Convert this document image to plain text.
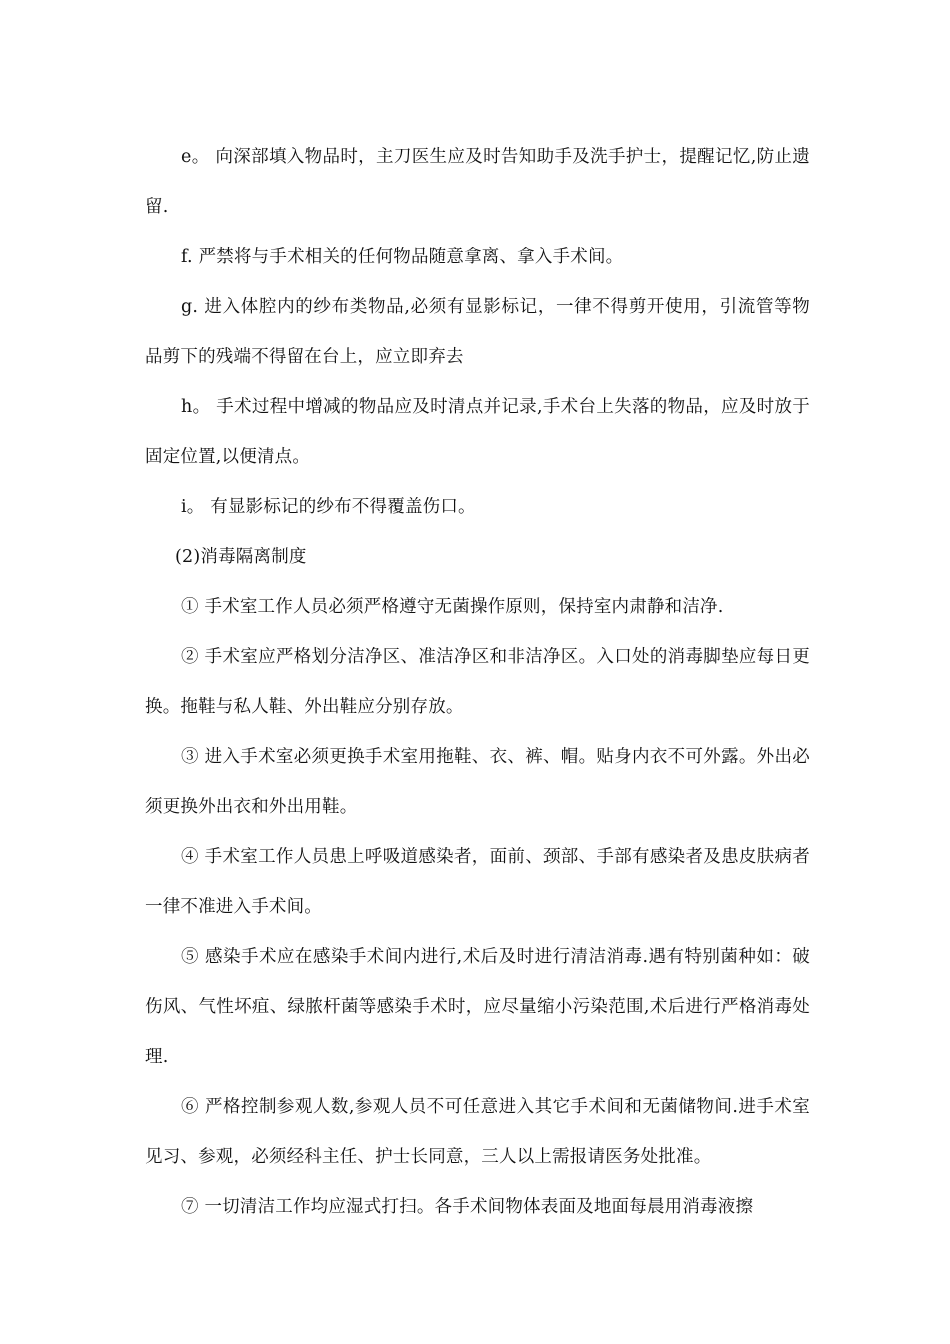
e。 向深部填入物品时，主刀医生应及时告知助手及洗手护士，提醒记忆,防止遗留.

f. 严禁将与手术相关的任何物品随意拿离、拿入手术间。

g. 进入体腔内的纱布类物品,必须有显影标记，一律不得剪开使用，引流管等物品剪下的残端不得留在台上，应立即弃去

h。 手术过程中增减的物品应及时清点并记录,手术台上失落的物品，应及时放于固定位置,以便清点。

i。 有显影标记的纱布不得覆盖伤口。

(2)消毒隔离制度

① 手术室工作人员必须严格遵守无菌操作原则，保持室内肃静和洁净.

② 手术室应严格划分洁净区、准洁净区和非洁净区。入口处的消毒脚垫应每日更换。拖鞋与私人鞋、外出鞋应分别存放。

③ 进入手术室必须更换手术室用拖鞋、衣、裤、帽。贴身内衣不可外露。外出必须更换外出衣和外出用鞋。

④ 手术室工作人员患上呼吸道感染者，面前、颈部、手部有感染者及患皮肤病者一律不准进入手术间。

⑤ 感染手术应在感染手术间内进行,术后及时进行清洁消毒.遇有特别菌种如：破伤风、气性坏疽、绿脓杆菌等感染手术时，应尽量缩小污染范围,术后进行严格消毒处理.

⑥ 严格控制参观人数,参观人员不可任意进入其它手术间和无菌储物间.进手术室见习、参观，必须经科主任、护士长同意，三人以上需报请医务处批准。

⑦ 一切清洁工作均应湿式打扫。各手术间物体表面及地面每晨用消毒液擦
